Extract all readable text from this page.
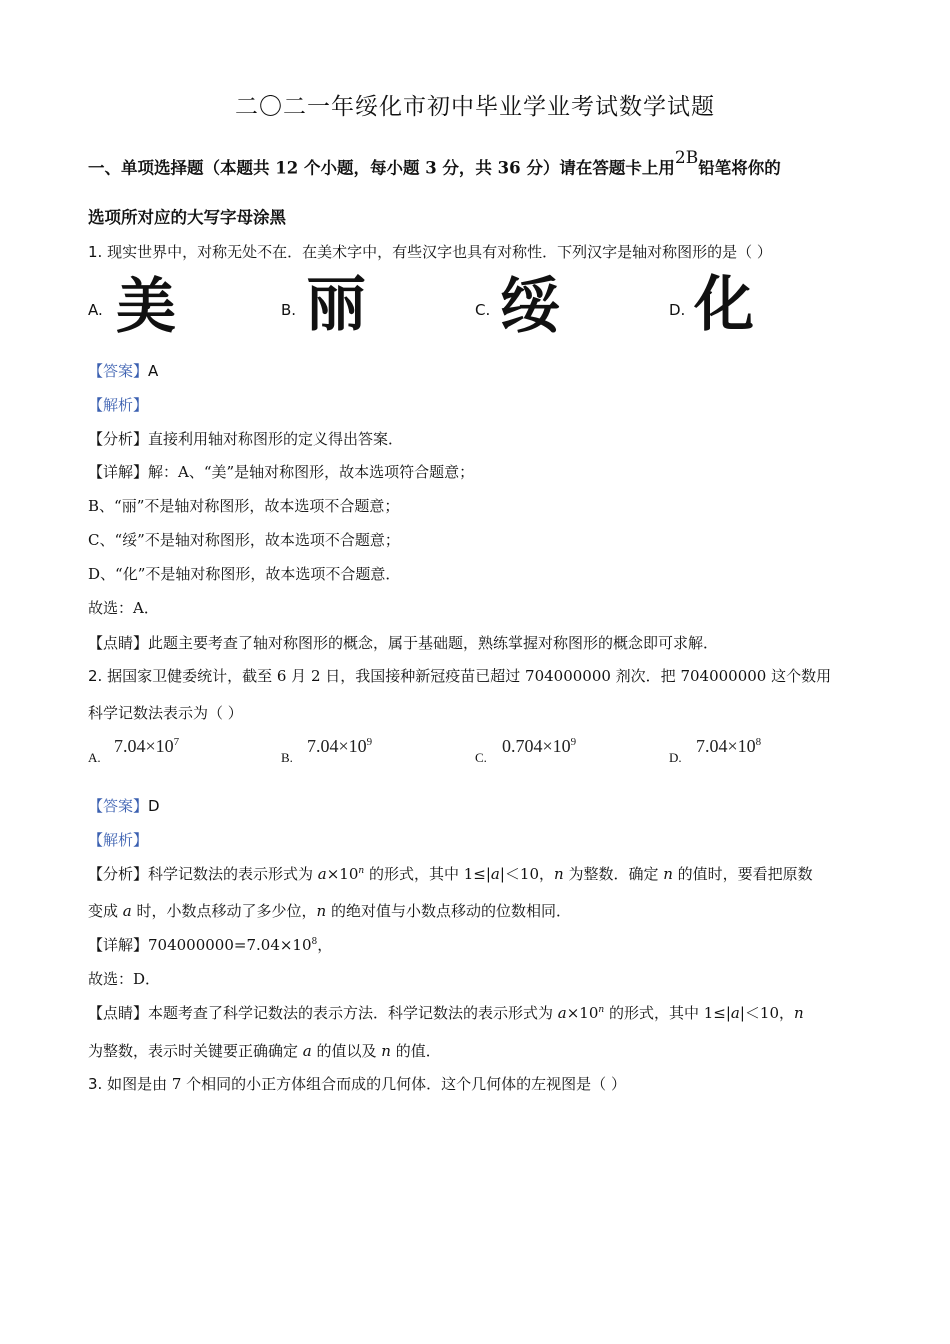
二〇二一年绥化市初中毕业学业考试数学试题
一、单项选择题（本题共 12 个小题，每小题 3 分，共 36 分）请在答题卡上用$^{2B}$铅笔将你的
选项所对应的大写字母涂黑
1. 现实世界中，对称无处不在．在美术字中，有些汉字也具有对称性．下列汉字是轴对称图形的是（ ）
A. 美	B. 丽	C. 绥	D. 化
【答案】A
【解析】
【分析】直接利用轴对称图形的定义得出答案．
【详解】解：A、“美”是轴对称图形，故本选项符合题意；
B、“丽”不是轴对称图形，故本选项不合题意；
C、“绥”不是轴对称图形，故本选项不合题意；
D、“化”不是轴对称图形，故本选项不合题意．
故选：A．
【点睛】此题主要考查了轴对称图形的概念，属于基础题，熟练掌握对称图形的概念即可求解．
2. 据国家卫健委统计，截至 6 月 2 日，我国接种新冠疫苗已超过 704000000 剂次．把 704000000 这个数用
科学记数法表示为（ ）
A.
$7.04\times 10^7$
B.
$7.04\times 10^9$
C.
$0.704\times 10^9$
D.
$7.04\times 10^8$
【答案】D
【解析】
【分析】科学记数法的表示形式为 $a\times 10^n$ 的形式，其中 1≤|a|＜10，n 为整数．确定 n 的值时，要看把原数
变成 a 时，小数点移动了多少位，n 的绝对值与小数点移动的位数相同．
【详解】$704000000=7.04\times 10^8$，
故选：D．
【点睛】本题考查了科学记数法的表示方法．科学记数法的表示形式为 $a\times 10^n$ 的形式，其中 1≤|a|＜10，n
为整数，表示时关键要正确确定 a 的值以及 n 的值．
3. 如图是由 7 个相同的小正方体组合而成的几何体．这个几何体的左视图是（ ）
